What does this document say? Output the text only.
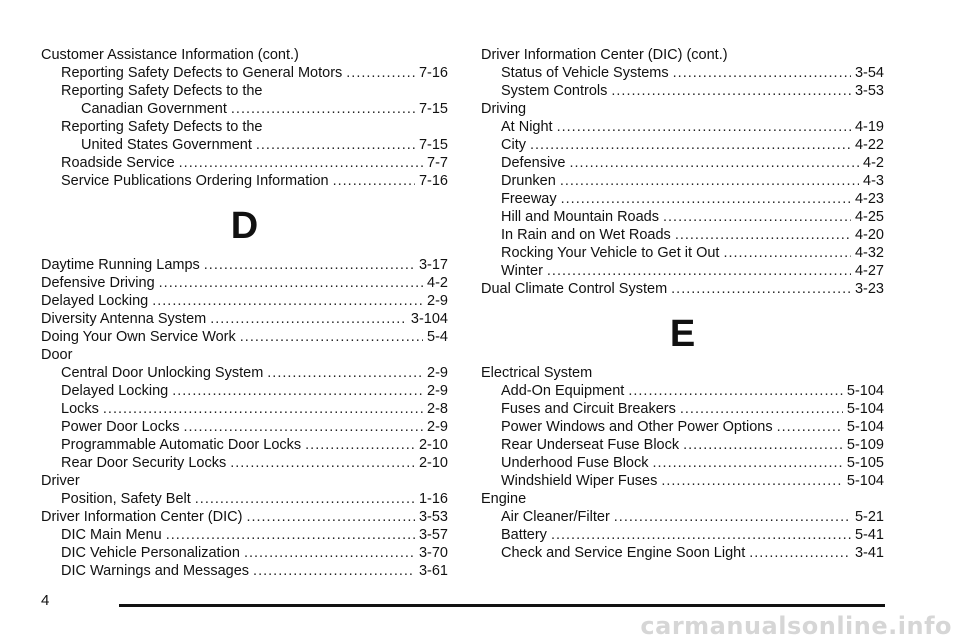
Customer Assistance Information (cont.)
Reporting Safety Defects to General Motors .....	7-16
Reporting Safety Defects to the
Canadian Government .....	7-15
Reporting Safety Defects to the
United States Government .....	7-15
Roadside Service .....	7-7
Service Publications Ordering Information .....	7-16
D
Daytime Running Lamps .....	3-17
Defensive Driving .....	4-2
Delayed Locking .....	2-9
Diversity Antenna System .....	3-104
Doing Your Own Service Work .....	5-4
Door
Central Door Unlocking System .....	2-9
Delayed Locking .....	2-9
Locks .....	2-8
Power Door Locks .....	2-9
Programmable Automatic Door Locks .....	2-10
Rear Door Security Locks .....	2-10
Driver
Position, Safety Belt .....	1-16
Driver Information Center (DIC) .....	3-53
DIC Main Menu .....	3-57
DIC Vehicle Personalization .....	3-70
DIC Warnings and Messages .....	3-61
Driver Information Center (DIC) (cont.)
Status of Vehicle Systems .....	3-54
System Controls .....	3-53
Driving
At Night .....	4-19
City .....	4-22
Defensive .....	4-2
Drunken .....	4-3
Freeway .....	4-23
Hill and Mountain Roads .....	4-25
In Rain and on Wet Roads .....	4-20
Rocking Your Vehicle to Get it Out .....	4-32
Winter .....	4-27
Dual Climate Control System .....	3-23
E
Electrical System
Add-On Equipment .....	5-104
Fuses and Circuit Breakers .....	5-104
Power Windows and Other Power Options .....	5-104
Rear Underseat Fuse Block .....	5-109
Underhood Fuse Block .....	5-105
Windshield Wiper Fuses .....	5-104
Engine
Air Cleaner/Filter .....	5-21
Battery .....	5-41
Check and Service Engine Soon Light .....	3-41
4
carmanualsonline.info
